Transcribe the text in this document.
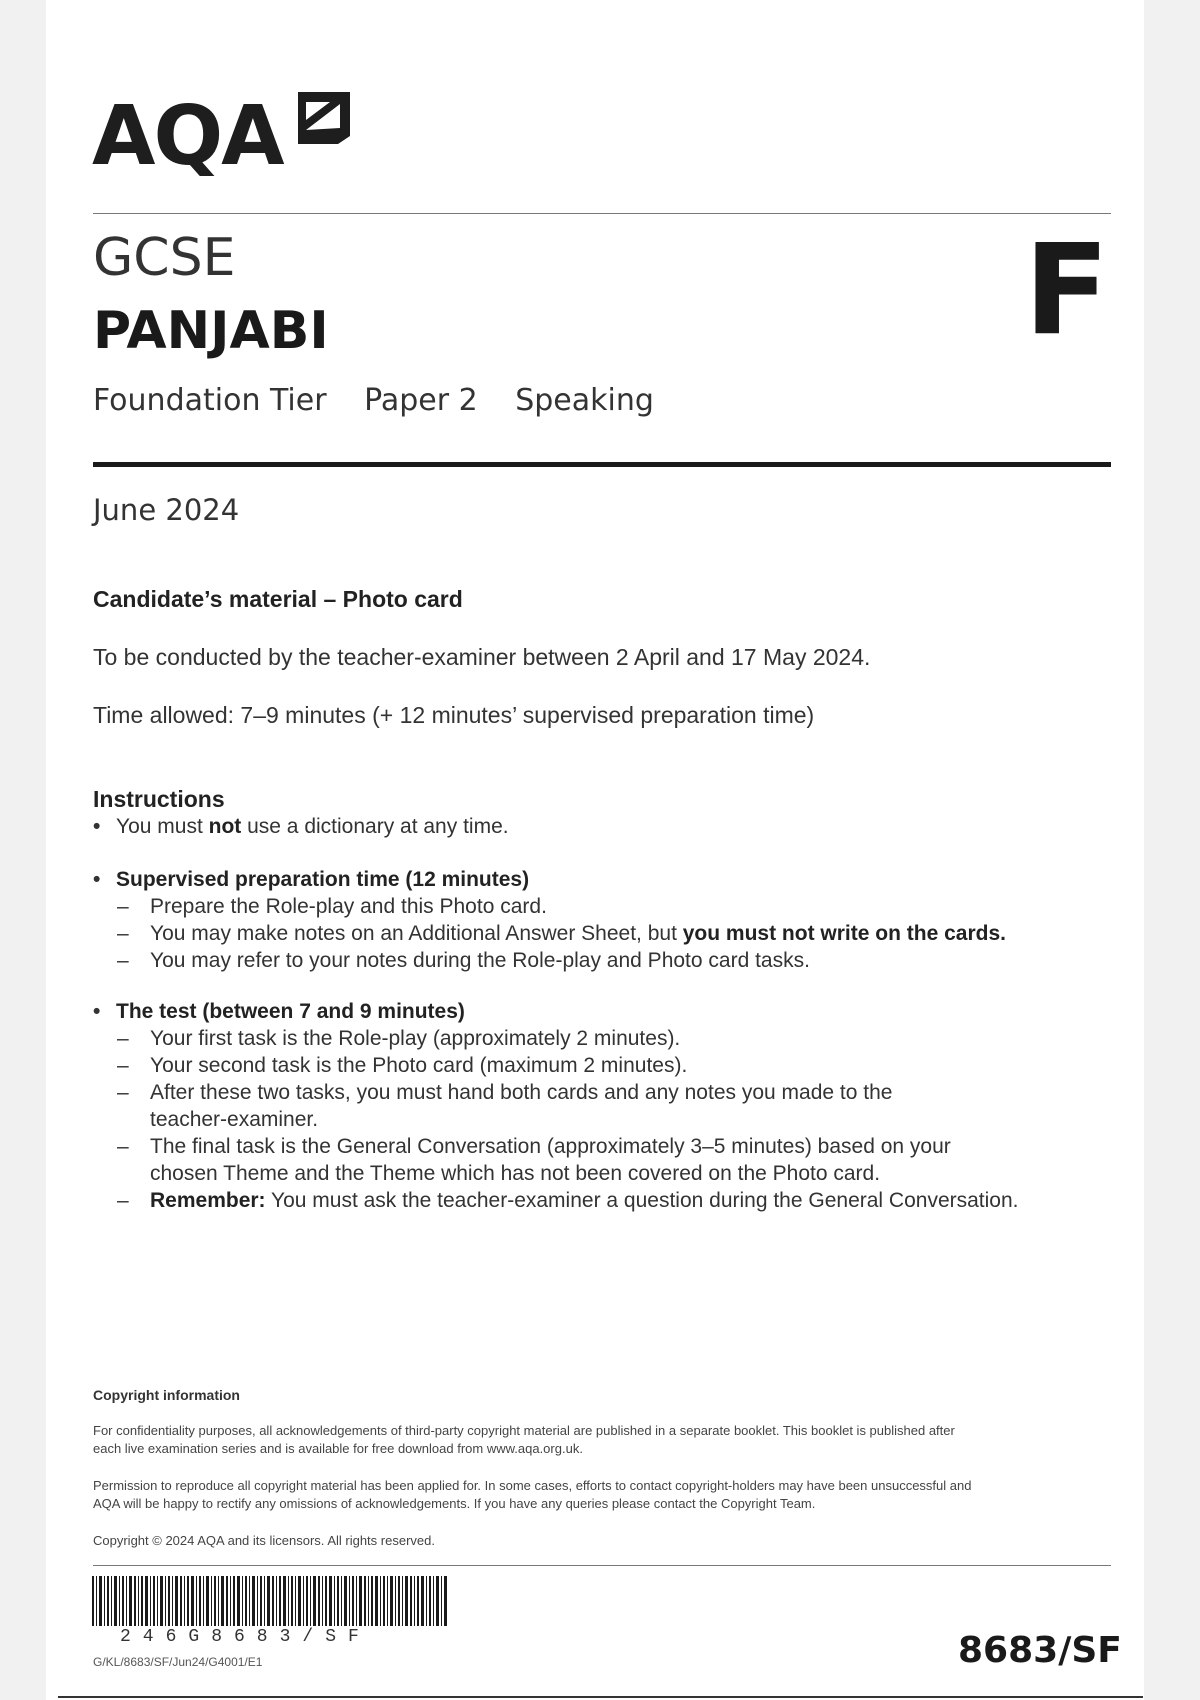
AQA
GCSE
PANJABI	F
Foundation Tier Paper 2 Speaking
June 2024
Candidate’s material – Photo card
To be conducted by the teacher-examiner between 2 April and 17 May 2024.
Time allowed: 7–9 minutes (+ 12 minutes’ supervised preparation time)
Instructions
• You must not use a dictionary at any time.
• Supervised preparation time (12 minutes)
– Prepare the Role-play and this Photo card.
– You may make notes on an Additional Answer Sheet, but you must not write on the cards.
– You may refer to your notes during the Role-play and Photo card tasks.
• The test (between 7 and 9 minutes)
– Your first task is the Role-play (approximately 2 minutes).
– Your second task is the Photo card (maximum 2 minutes).
– After these two tasks, you must hand both cards and any notes you made to the
teacher-examiner.
– The final task is the General Conversation (approximately 3–5 minutes) based on your
chosen Theme and the Theme which has not been covered on the Photo card.
– Remember: You must ask the teacher-examiner a question during the General Conversation.
Copyright information
For confidentiality purposes, all acknowledgements of third-party copyright material are published in a separate booklet. This booklet is published after
each live examination series and is available for free download from www.aqa.org.uk.
Permission to reproduce all copyright material has been applied for. In some cases, efforts to contact copyright-holders may have been unsuccessful and
AQA will be happy to rectify any omissions of acknowledgements. If you have any queries please contact the Copyright Team.
Copyright © 2024 AQA and its licensors. All rights reserved.
246G8683/SF
G/KL/8683/SF/Jun24/G4001/E1	8683/SF
